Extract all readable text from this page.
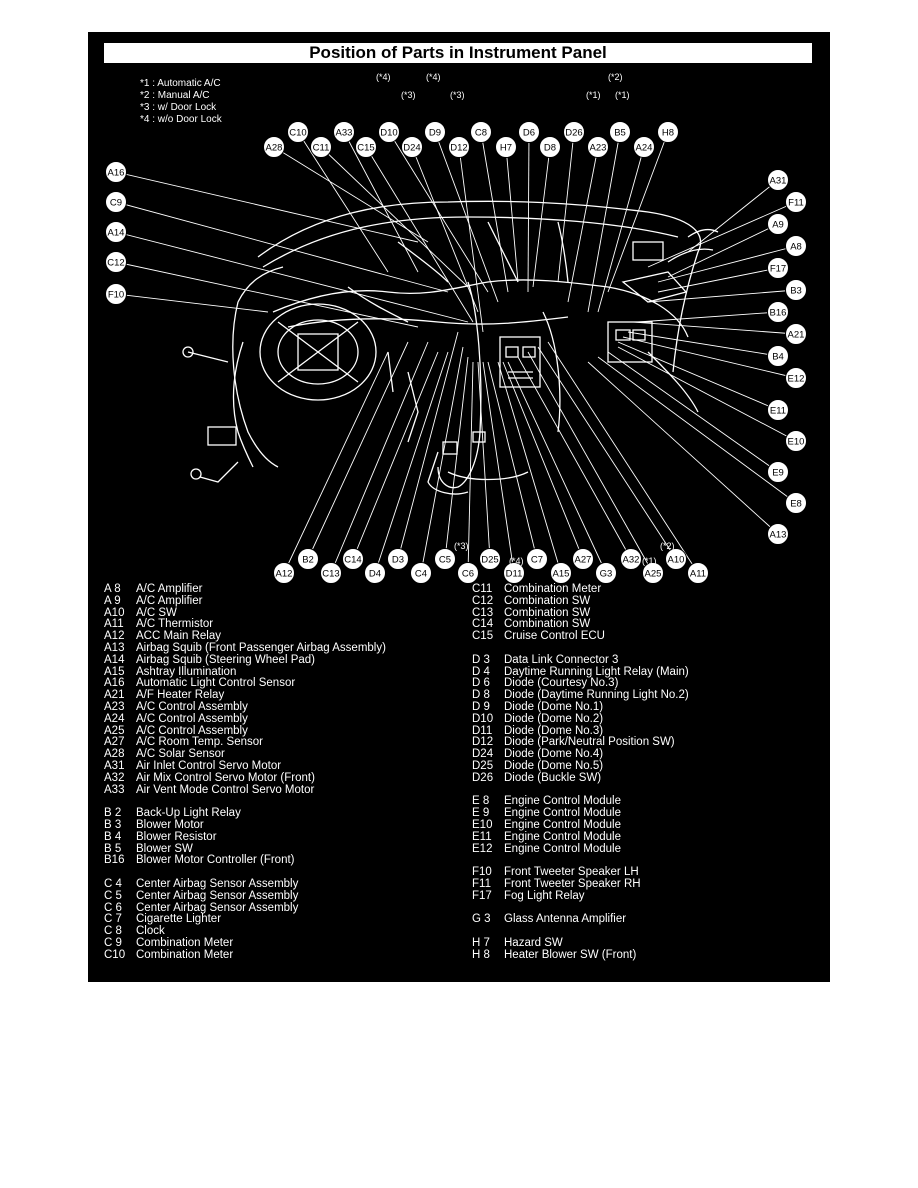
Position of Parts in Instrument Panel
*1 : Automatic A/C
*2 : Manual A/C
*3 : w/ Door Lock
*4 : w/o Door Lock
A28
C10
C11
A33
C15
D10
D24
D9
D12
C8
H7
D6
D8
D26
A23
B5
A24
H8
A16
C9
A14
C12
F10
A31
F11
A9
A8
F17
B3
B16
A21
B4
E12
E11
E10
E9
E8
A13
A12
B2
C13
C14
D4
D3
C4
C5
C6
D25
D11
C7
A15
A27
G3
A32
A25
A10
A11
(*4)	(*4)	(*2)
(*3)	(*3)	(*1) (*1)
(*3)
(*4)
(*2)
(*1)
A 8 A/C Amplifier
A 9 A/C Amplifier
A10 A/C SW
A11 A/C Thermistor
A12 ACC Main Relay
A13 Airbag Squib (Front Passenger Airbag Assembly)
A14 Airbag Squib (Steering Wheel Pad)
A15 Ashtray Illumination
A16 Automatic Light Control Sensor
A21 A/F Heater Relay
A23 A/C Control Assembly
A24 A/C Control Assembly
A25 A/C Control Assembly
A27 A/C Room Temp. Sensor
A28 A/C Solar Sensor
A31 Air Inlet Control Servo Motor
A32 Air Mix Control Servo Motor (Front)
A33 Air Vent Mode Control Servo Motor
B 2 Back-Up Light Relay
B 3 Blower Motor
B 4 Blower Resistor
B 5 Blower SW
B16 Blower Motor Controller (Front)
C 4 Center Airbag Sensor Assembly
C 5 Center Airbag Sensor Assembly
C 6 Center Airbag Sensor Assembly
C 7 Cigarette Lighter
C 8 Clock
C 9 Combination Meter
C10 Combination Meter
C11 Combination Meter
C12 Combination SW
C13 Combination SW
C14 Combination SW
C15 Cruise Control ECU
D 3 Data Link Connector 3
D 4 Daytime Running Light Relay (Main)
D 6 Diode (Courtesy No.3)
D 8 Diode (Daytime Running Light No.2)
D 9 Diode (Dome No.1)
D10 Diode (Dome No.2)
D11 Diode (Dome No.3)
D12 Diode (Park/Neutral Position SW)
D24 Diode (Dome No.4)
D25 Diode (Dome No.5)
D26 Diode (Buckle SW)
E 8 Engine Control Module
E 9 Engine Control Module
E10 Engine Control Module
E11 Engine Control Module
E12 Engine Control Module
F10 Front Tweeter Speaker LH
F11 Front Tweeter Speaker RH
F17 Fog Light Relay
G 3 Glass Antenna Amplifier
H 7 Hazard SW
H 8 Heater Blower SW (Front)
